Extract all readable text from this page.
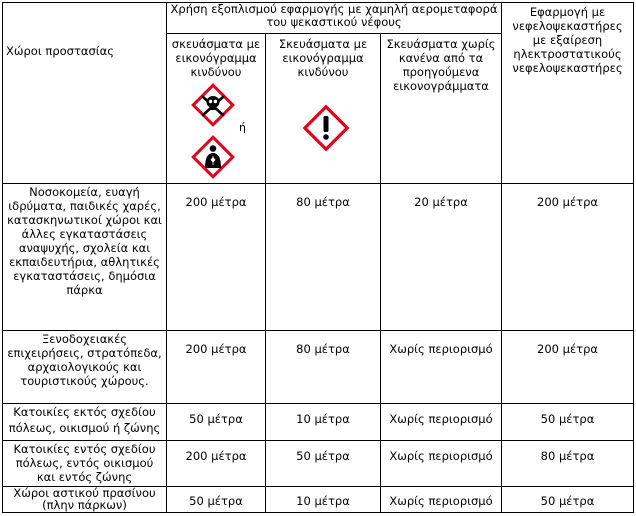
Χώροι προστασίας
Χρήση εξοπλισμού εφαρμογής με χαμηλή αεροµεταφορά του ψεκαστικού νέφους
σκευάσματα με εικονόγραμμα κινδύνου
Σκευάσματα με εικονόγραμμα κινδύνου
Σκευάσματα χωρίς κανένα από τα προηγούμενα εικονογράμματα
Εφαρμογή με νεφελοψεκαστήρες με εξαίρεση ηλεκτροστατικούς νεφελοψεκαστήρες
ή
Νοσοκομεία, ευαγή ιδρύματα, παιδικές χαρές, κατασκηνωτικοί χώροι και άλλες εγκαταστάσεις αναψυχής, σχολεία και εκπαιδευτήρια, αθλητικές εγκαταστάσεις, δημόσια πάρκα
200 μέτρα	80 μέτρα	20 μέτρα	200 μέτρα
Ξενοδοχειακές επιχειρήσεις, στρατόπεδα, αρχαιολογικούς και τουριστικούς χώρους.
200 μέτρα	80 μέτρα	Χωρίς περιορισμό	200 μέτρα
Κατοικίες εκτός σχεδίου πόλεως, οικισμού ή ζώνης
50 μέτρα	10 μέτρα	Χωρίς περιορισμό	50 μέτρα
Κατοικίες εντός σχεδίου πόλεως, εντός οικισμού και εντός ζώνης
200 μέτρα	50 μέτρα	Χωρίς περιορισμό	80 μέτρα
Χώροι αστικού πρασίνου (πλην πάρκων)	50 μέτρα	10 μέτρα	Χωρίς περιορισμό	50 μέτρα
